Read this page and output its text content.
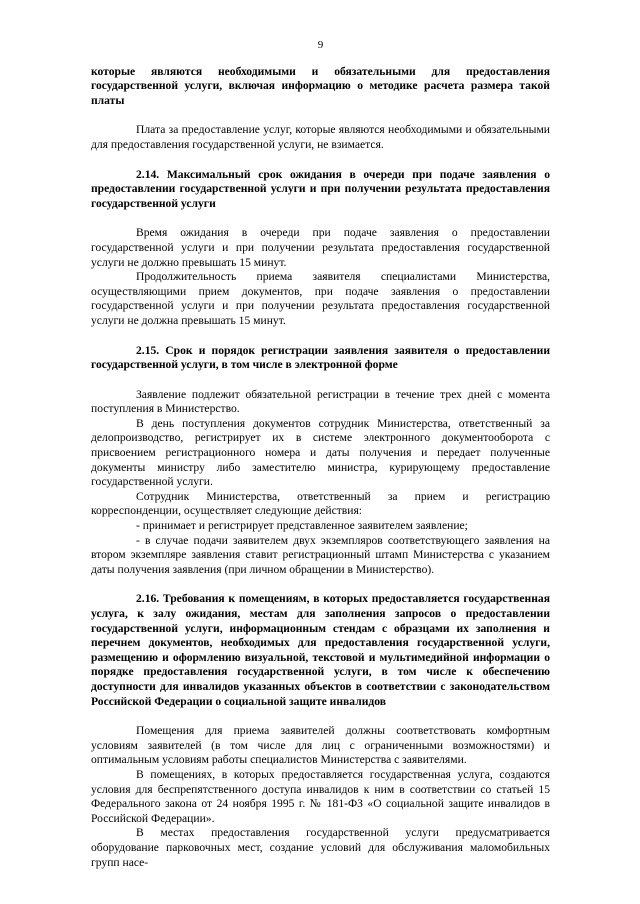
9

которые являются необходимыми и обязательными для предоставления государственной услуги, включая информацию о методике расчета размера такой платы

Плата за предоставление услуг, которые являются необходимыми и обязательными для предоставления государственной услуги, не взимается.

2.14. Максимальный срок ожидания в очереди при подаче заявления о предоставлении государственной услуги и при получении результата предоставления государственной услуги

Время ожидания в очереди при подаче заявления о предоставлении государственной услуги и при получении результата предоставления государственной услуги не должно превышать 15 минут.

Продолжительность приема заявителя специалистами Министерства, осуществляющими прием документов, при подаче заявления о предоставлении государственной услуги и при получении результата предоставления государственной услуги не должна превышать 15 минут.

2.15. Срок и порядок регистрации заявления заявителя о предоставлении государственной услуги, в том числе в электронной форме

Заявление подлежит обязательной регистрации в течение трех дней с момента поступления в Министерство.

В день поступления документов сотрудник Министерства, ответственный за делопроизводство, регистрирует их в системе электронного документооборота с присвоением регистрационного номера и даты получения и передает полученные документы министру либо заместителю министра, курирующему предоставление государственной услуги.

Сотрудник Министерства, ответственный за прием и регистрацию корреспонденции, осуществляет следующие действия:

- принимает и регистрирует представленное заявителем заявление;

- в случае подачи заявителем двух экземпляров соответствующего заявления на втором экземпляре заявления ставит регистрационный штамп Министерства с указанием даты получения заявления (при личном обращении в Министерство).

2.16. Требования к помещениям, в которых предоставляется государственная услуга, к залу ожидания, местам для заполнения запросов о предоставлении государственной услуги, информационным стендам с образцами их заполнения и перечнем документов, необходимых для предоставления государственной услуги, размещению и оформлению визуальной, текстовой и мультимедийной информации о порядке предоставления государственной услуги, в том числе к обеспечению доступности для инвалидов указанных объектов в соответствии с законодательством Российской Федерации о социальной защите инвалидов

Помещения для приема заявителей должны соответствовать комфортным условиям заявителей (в том числе для лиц с ограниченными возможностями) и оптимальным условиям работы специалистов Министерства с заявителями.

В помещениях, в которых предоставляется государственная услуга, создаются условия для беспрепятственного доступа инвалидов к ним в соответствии со статьей 15 Федерального закона от 24 ноября 1995 г. № 181-ФЗ «О социальной защите инвалидов в Российской Федерации».

В местах предоставления государственной услуги предусматривается оборудование парковочных мест, создание условий для обслуживания маломобильных групп насе-
